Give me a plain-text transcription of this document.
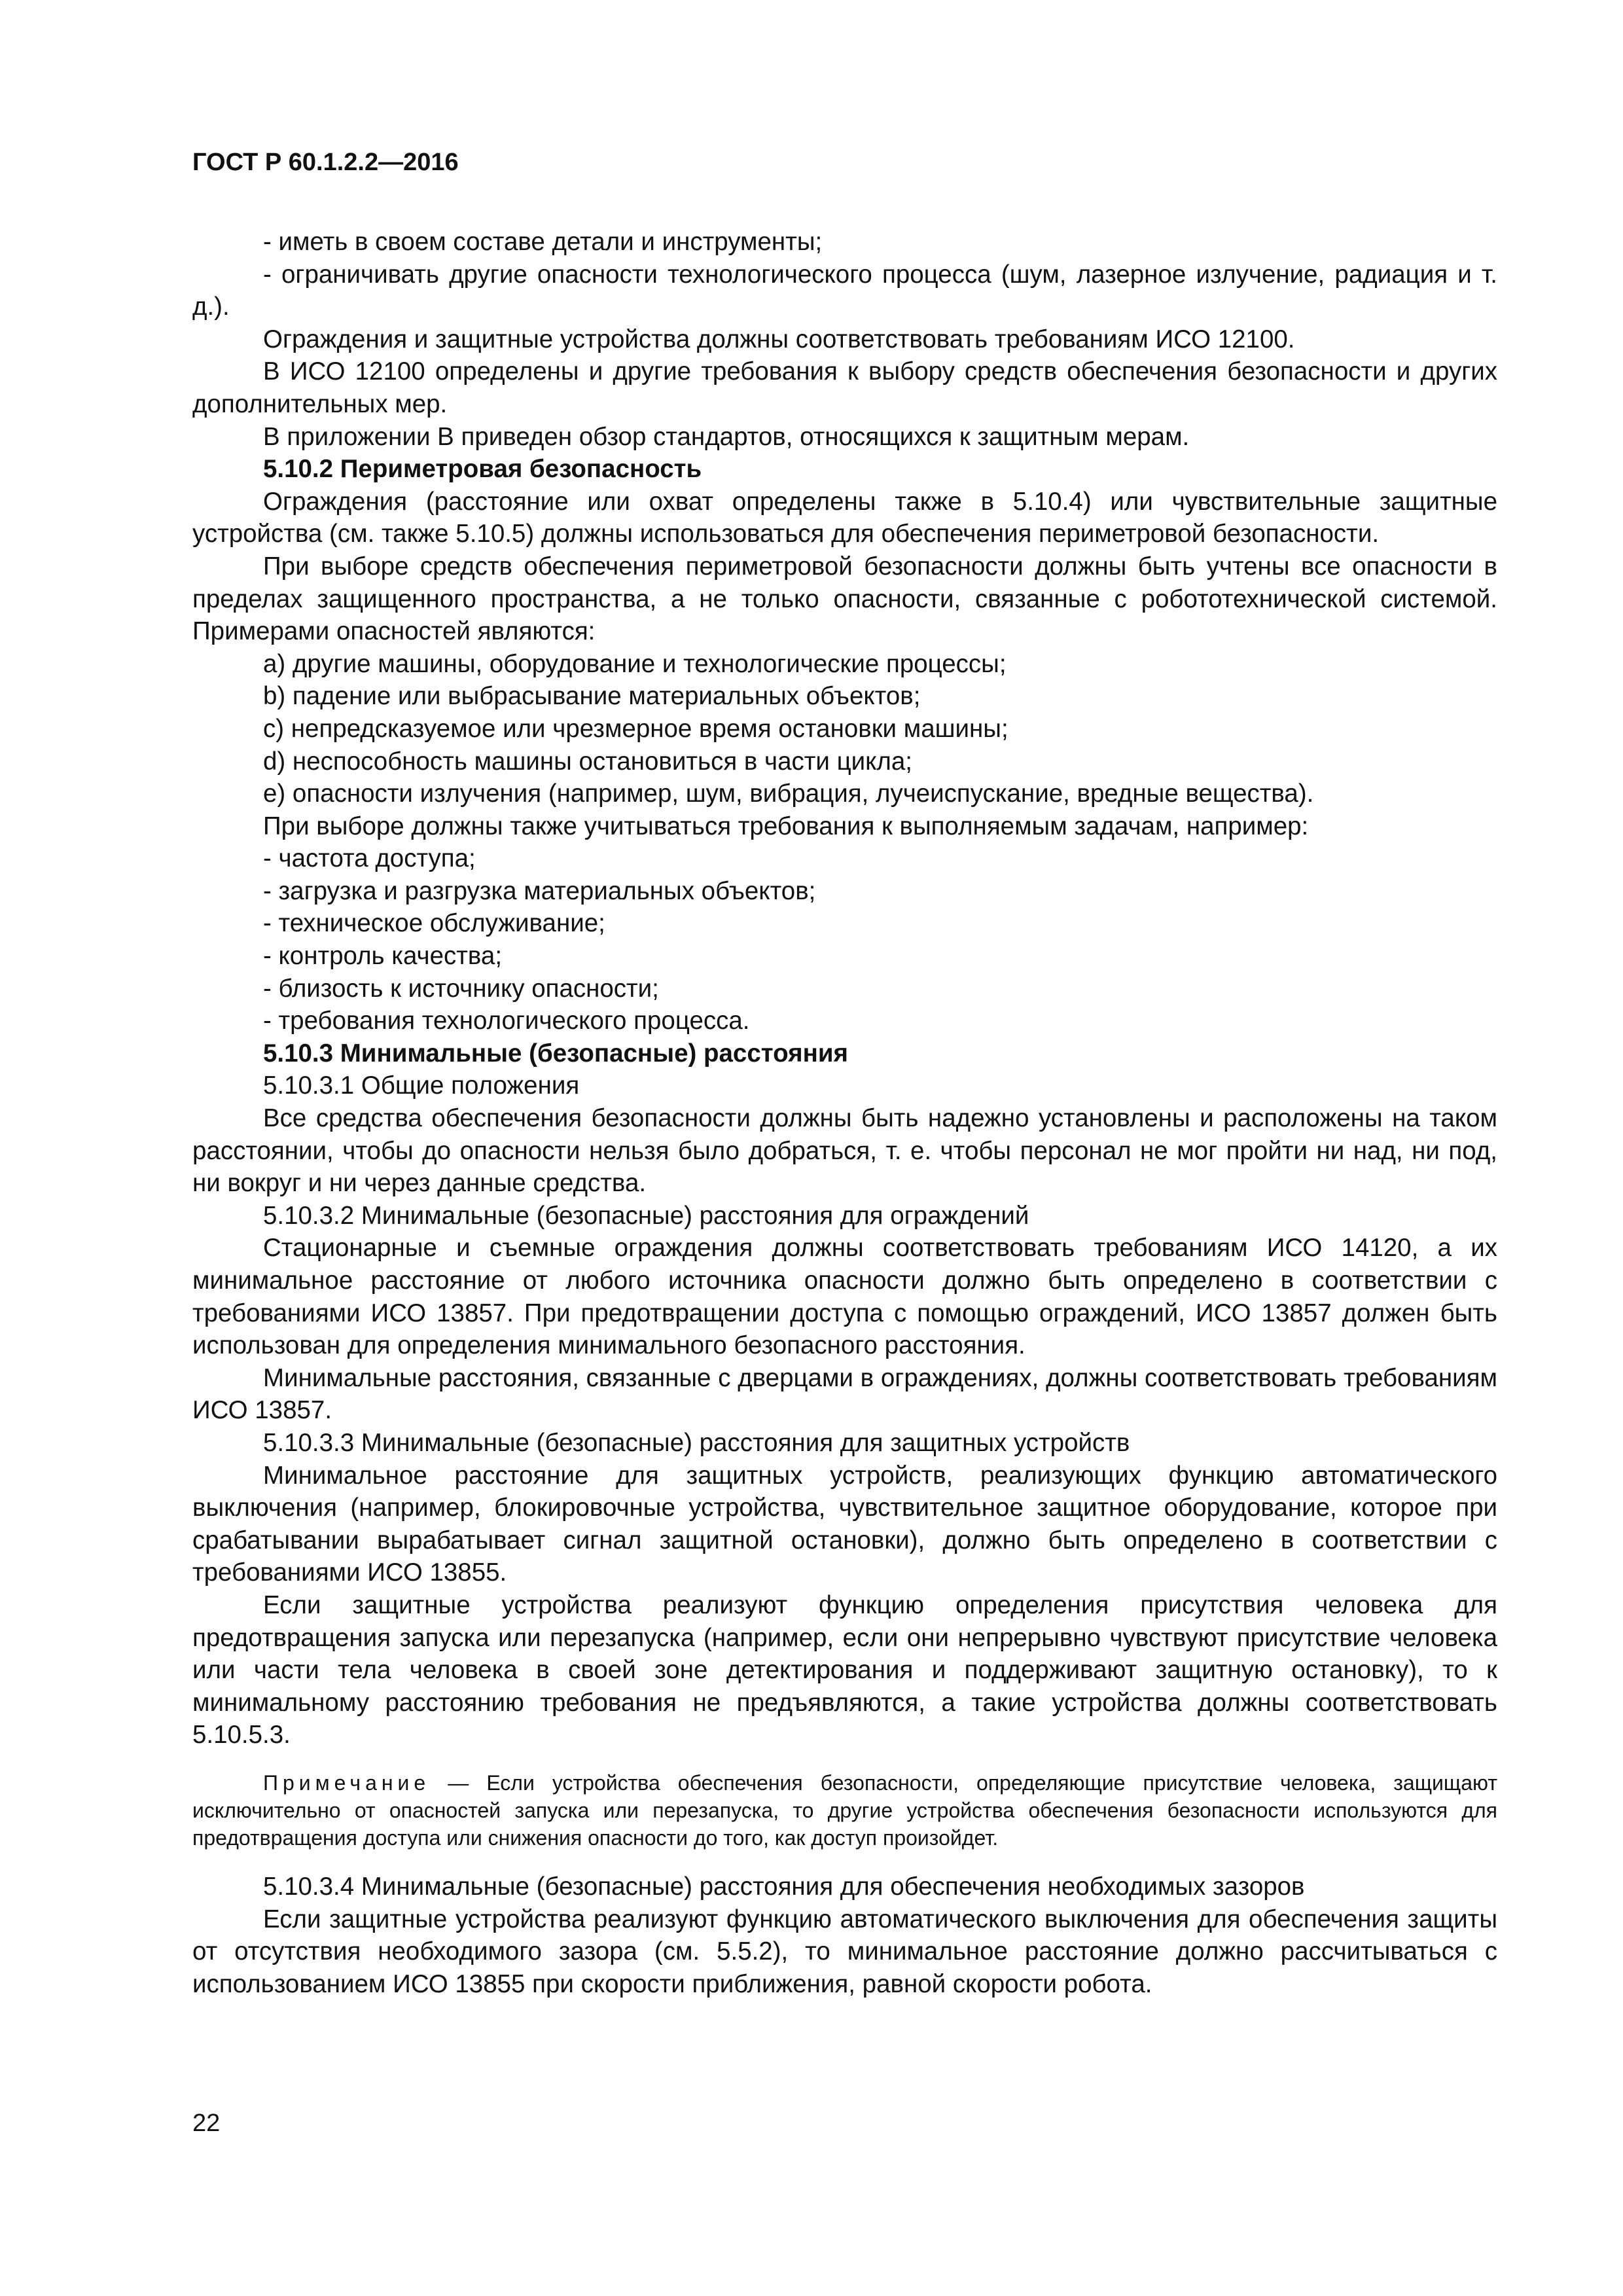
ГОСТ Р 60.1.2.2—2016

- иметь в своем составе детали и инструменты;

- ограничивать другие опасности технологического процесса (шум, лазерное излучение, радиация и т. д.).

Ограждения и защитные устройства должны соответствовать требованиям ИСО 12100.

В ИСО 12100 определены и другие требования к выбору средств обеспечения безопасности и других дополнительных мер.

В приложении В приведен обзор стандартов, относящихся к защитным мерам.

5.10.2 Периметровая безопасность

Ограждения (расстояние или охват определены также в 5.10.4) или чувствительные защитные устройства (см. также 5.10.5) должны использоваться для обеспечения периметровой безопасности.

При выборе средств обеспечения периметровой безопасности должны быть учтены все опасности в пределах защищенного пространства, а не только опасности, связанные с робототехнической системой. Примерами опасностей являются:

a) другие машины, оборудование и технологические процессы;

b) падение или выбрасывание материальных объектов;

c) непредсказуемое или чрезмерное время остановки машины;

d) неспособность машины остановиться в части цикла;

e) опасности излучения (например, шум, вибрация, лучеиспускание, вредные вещества).

При выборе должны также учитываться требования к выполняемым задачам, например:

- частота доступа;

- загрузка и разгрузка материальных объектов;

- техническое обслуживание;

- контроль качества;

- близость к источнику опасности;

- требования технологического процесса.

5.10.3 Минимальные (безопасные) расстояния

5.10.3.1 Общие положения

Все средства обеспечения безопасности должны быть надежно установлены и расположены на таком расстоянии, чтобы до опасности нельзя было добраться, т. е. чтобы персонал не мог пройти ни над, ни под, ни вокруг и ни через данные средства.

5.10.3.2 Минимальные (безопасные) расстояния для ограждений

Стационарные и съемные ограждения должны соответствовать требованиям ИСО 14120, а их минимальное расстояние от любого источника опасности должно быть определено в соответствии с требованиями ИСО 13857. При предотвращении доступа с помощью ограждений, ИСО 13857 должен быть использован для определения минимального безопасного расстояния.

Минимальные расстояния, связанные с дверцами в ограждениях, должны соответствовать требованиям ИСО 13857.

5.10.3.3 Минимальные (безопасные) расстояния для защитных устройств

Минимальное расстояние для защитных устройств, реализующих функцию автоматического выключения (например, блокировочные устройства, чувствительное защитное оборудование, которое при срабатывании вырабатывает сигнал защитной остановки), должно быть определено в соответствии с требованиями ИСО 13855.

Если защитные устройства реализуют функцию определения присутствия человека для предотвращения запуска или перезапуска (например, если они непрерывно чувствуют присутствие человека или части тела человека в своей зоне детектирования и поддерживают защитную остановку), то к минимальному расстоянию требования не предъявляются, а такие устройства должны соответствовать 5.10.5.3.

Примечание — Если устройства обеспечения безопасности, определяющие присутствие человека, защищают исключительно от опасностей запуска или перезапуска, то другие устройства обеспечения безопасности используются для предотвращения доступа или снижения опасности до того, как доступ произойдет.

5.10.3.4 Минимальные (безопасные) расстояния для обеспечения необходимых зазоров

Если защитные устройства реализуют функцию автоматического выключения для обеспечения защиты от отсутствия необходимого зазора (см. 5.5.2), то минимальное расстояние должно рассчитываться с использованием ИСО 13855 при скорости приближения, равной скорости робота.

22
